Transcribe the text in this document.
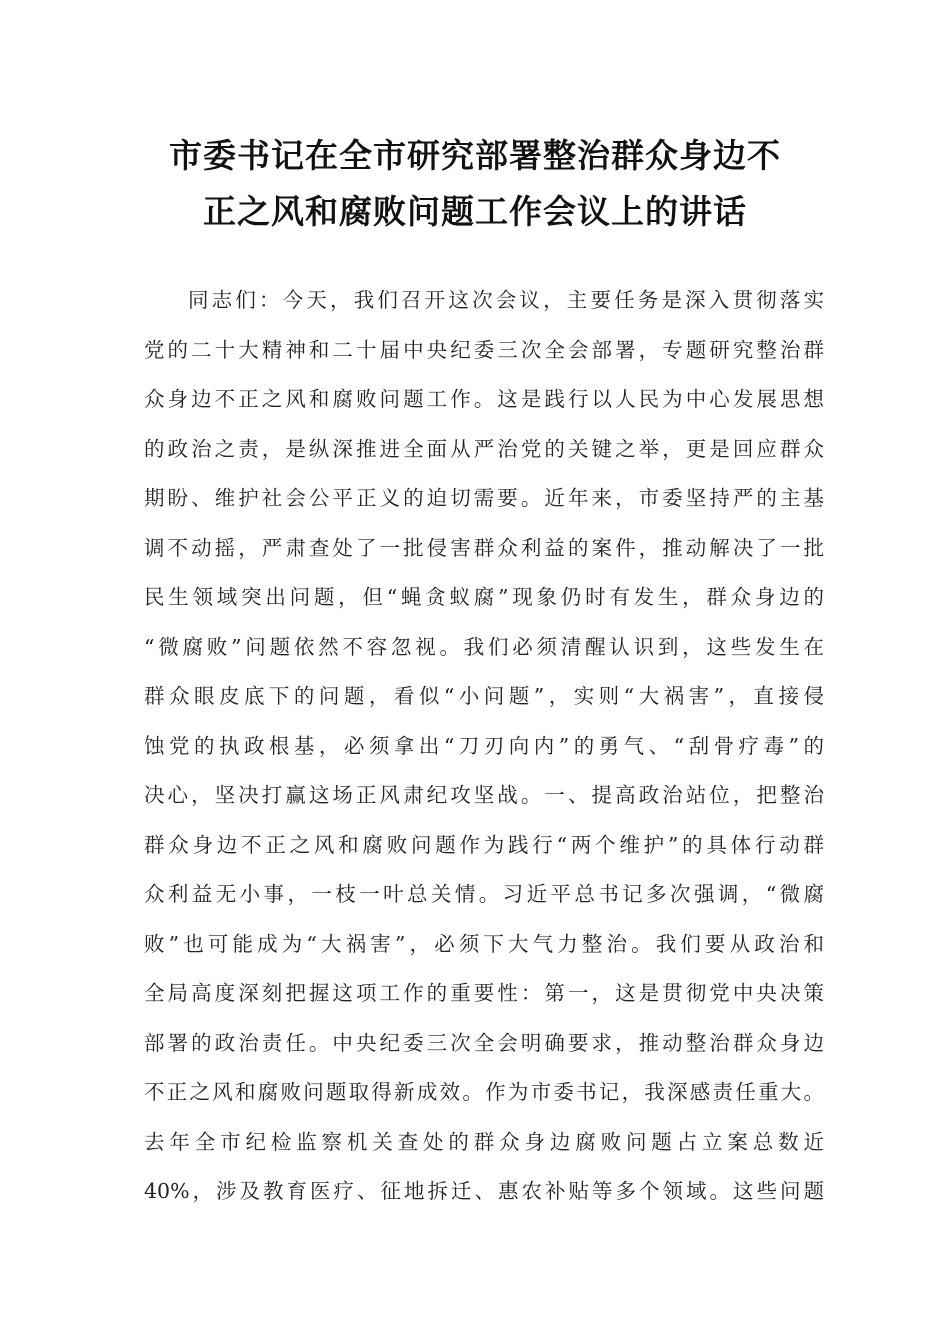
市委书记在全市研究部署整治群众身边不
正之风和腐败问题工作会议上的讲话
同志们：今天，我们召开这次会议，主要任务是深入贯彻落实
党的二十大精神和二十届中央纪委三次全会部署，专题研究整治群
众身边不正之风和腐败问题工作。这是践行以人民为中心发展思想
的政治之责，是纵深推进全面从严治党的关键之举，更是回应群众
期盼、维护社会公平正义的迫切需要。近年来，市委坚持严的主基
调不动摇，严肃查处了一批侵害群众利益的案件，推动解决了一批
民生领域突出问题，但“蝇贪蚁腐”现象仍时有发生，群众身边的
“微腐败”问题依然不容忽视。我们必须清醒认识到，这些发生在
群众眼皮底下的问题，看似“小问题”，实则“大祸害”，直接侵
蚀党的执政根基，必须拿出“刀刃向内”的勇气、“刮骨疗毒”的
决心，坚决打赢这场正风肃纪攻坚战。一、提高政治站位，把整治
群众身边不正之风和腐败问题作为践行“两个维护”的具体行动群
众利益无小事，一枝一叶总关情。习近平总书记多次强调，“微腐
败”也可能成为“大祸害”，必须下大气力整治。我们要从政治和
全局高度深刻把握这项工作的重要性：第一，这是贯彻党中央决策
部署的政治责任。中央纪委三次全会明确要求，推动整治群众身边
不正之风和腐败问题取得新成效。作为市委书记，我深感责任重大。
去年全市纪检监察机关查处的群众身边腐败问题占立案总数近
40%，涉及教育医疗、征地拆迁、惠农补贴等多个领域。这些问题
